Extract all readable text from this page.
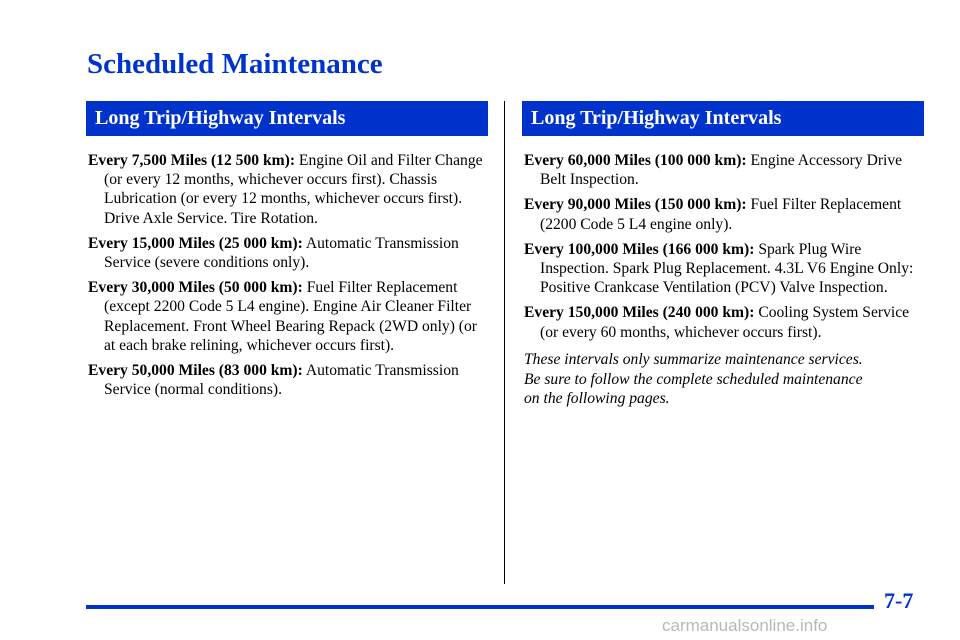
Scheduled Maintenance
Long Trip/Highway Intervals

Every 7,500 Miles (12 500 km): Engine Oil and Filter Change (or every 12 months, whichever occurs first). Chassis Lubrication (or every 12 months, whichever occurs first). Drive Axle Service. Tire Rotation.

Every 15,000 Miles (25 000 km): Automatic Transmission Service (severe conditions only).

Every 30,000 Miles (50 000 km): Fuel Filter Replacement (except 2200 Code 5 L4 engine). Engine Air Cleaner Filter Replacement. Front Wheel Bearing Repack (2WD only) (or at each brake relining, whichever occurs first).

Every 50,000 Miles (83 000 km): Automatic Transmission Service (normal conditions).

Long Trip/Highway Intervals

Every 60,000 Miles (100 000 km): Engine Accessory Drive Belt Inspection.

Every 90,000 Miles (150 000 km): Fuel Filter Replacement (2200 Code 5 L4 engine only).

Every 100,000 Miles (166 000 km): Spark Plug Wire Inspection. Spark Plug Replacement. 4.3L V6 Engine Only: Positive Crankcase Ventilation (PCV) Valve Inspection.

Every 150,000 Miles (240 000 km): Cooling System Service (or every 60 months, whichever occurs first).

These intervals only summarize maintenance services.
Be sure to follow the complete scheduled maintenance
on the following pages.

7-7
carmanualsonline.info
